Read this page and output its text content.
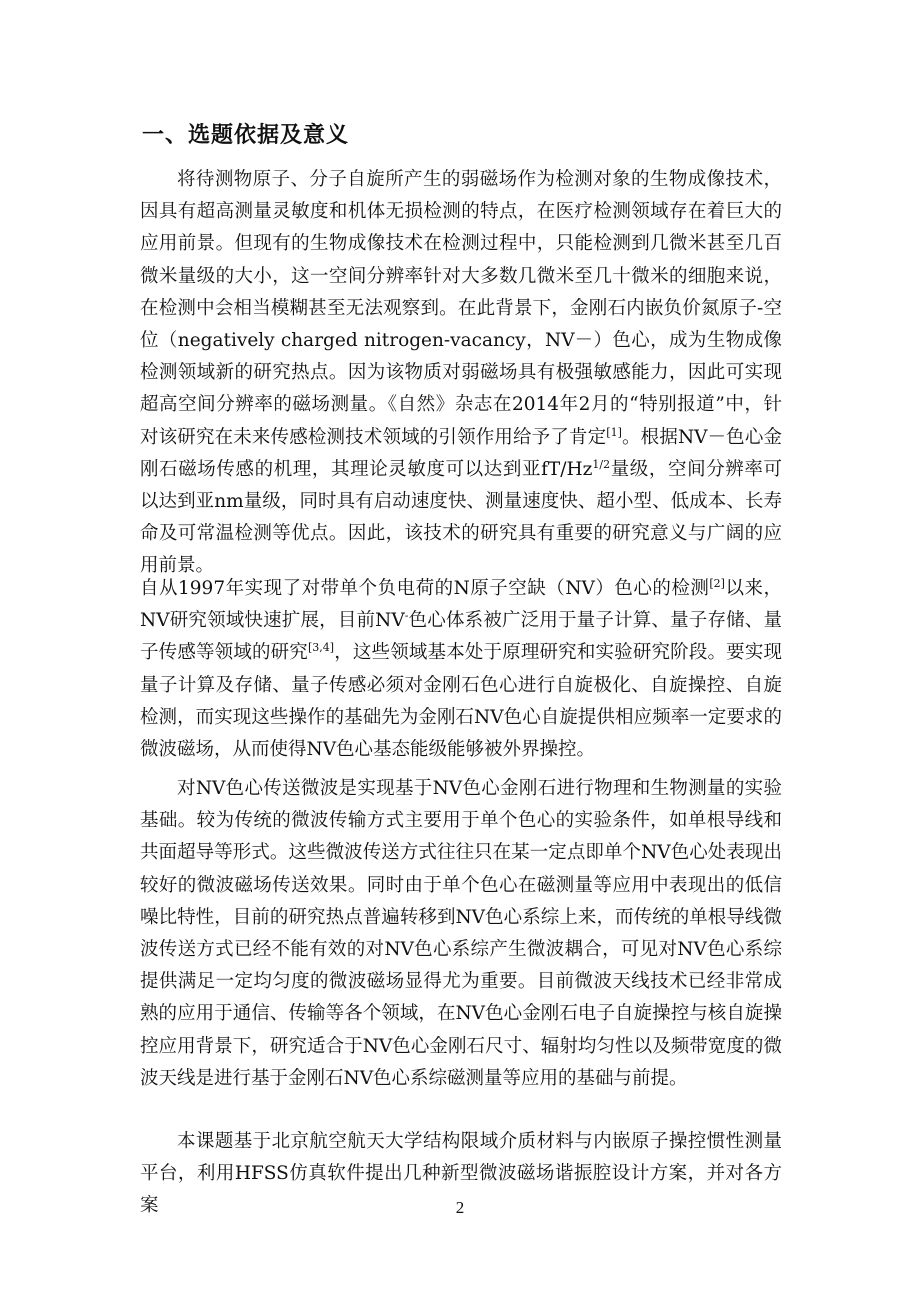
一、选题依据及意义

将待测物原子、分子自旋所产生的弱磁场作为检测对象的生物成像技术，因具有超高测量灵敏度和机体无损检测的特点，在医疗检测领域存在着巨大的应用前景。但现有的生物成像技术在检测过程中，只能检测到几微米甚至几百微米量级的大小，这一空间分辨率针对大多数几微米至几十微米的细胞来说，在检测中会相当模糊甚至无法观察到。在此背景下，金刚石内嵌负价氮原子-空位（negatively charged nitrogen-vacancy，NV－）色心，成为生物成像检测领域新的研究热点。因为该物质对弱磁场具有极强敏感能力，因此可实现超高空间分辨率的磁场测量。《自然》杂志在2014年2月的“特别报道”中，针对该研究在未来传感检测技术领域的引领作用给予了肯定[1]。根据NV－色心金刚石磁场传感的机理，其理论灵敏度可以达到亚$fT/Hz^{1/2}$量级，空间分辨率可以达到亚nm量级，同时具有启动速度快、测量速度快、超小型、低成本、长寿命及可常温检测等优点。因此，该技术的研究具有重要的研究意义与广阔的应用前景。

自从1997年实现了对带单个负电荷的N原子空缺（NV）色心的检测[2]以来，NV研究领域快速扩展，目前NV-色心体系被广泛用于量子计算、量子存储、量子传感等领域的研究[3,4]，这些领域基本处于原理研究和实验研究阶段。要实现量子计算及存储、量子传感必须对金刚石色心进行自旋极化、自旋操控、自旋检测，而实现这些操作的基础先为金刚石NV色心自旋提供相应频率一定要求的微波磁场，从而使得NV色心基态能级能够被外界操控。

对NV色心传送微波是实现基于NV色心金刚石进行物理和生物测量的实验基础。较为传统的微波传输方式主要用于单个色心的实验条件，如单根导线和共面超导等形式。这些微波传送方式往往只在某一定点即单个NV色心处表现出较好的微波磁场传送效果。同时由于单个色心在磁测量等应用中表现出的低信噪比特性，目前的研究热点普遍转移到NV色心系综上来，而传统的单根导线微波传送方式已经不能有效的对NV色心系综产生微波耦合，可见对NV色心系综提供满足一定均匀度的微波磁场显得尤为重要。目前微波天线技术已经非常成熟的应用于通信、传输等各个领域，在NV色心金刚石电子自旋操控与核自旋操控应用背景下，研究适合于NV色心金刚石尺寸、辐射均匀性以及频带宽度的微波天线是进行基于金刚石NV色心系综磁测量等应用的基础与前提。

本课题基于北京航空航天大学结构限域介质材料与内嵌原子操控惯性测量平台，利用HFSS仿真软件提出几种新型微波磁场谐振腔设计方案，并对各方案	2
